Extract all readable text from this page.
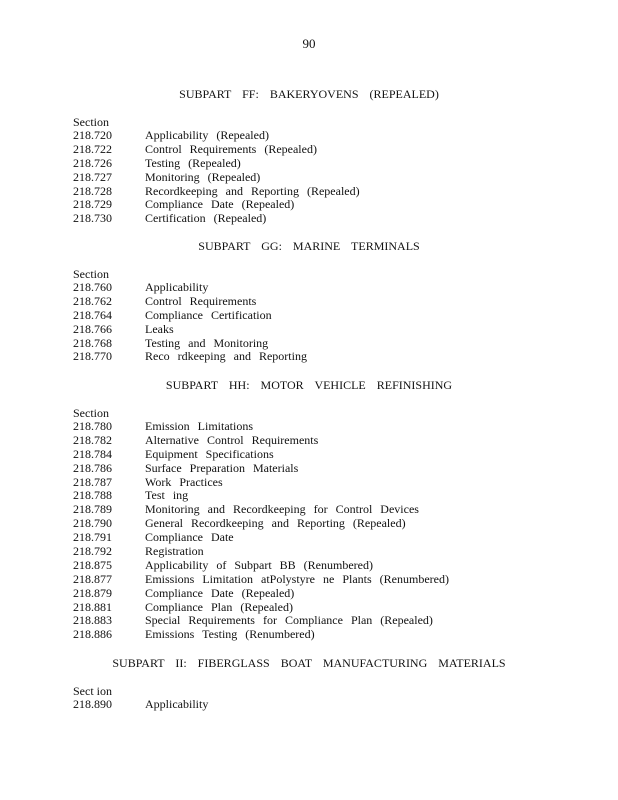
90
SUBPART FF: BAKERYOVENS (REPEALED)
Section
218.720	Applicability (Repealed)
218.722	Control Requirements (Repealed)
218.726	Testing (Repealed)
218.727	Monitoring (Repealed)
218.728	Recordkeeping and Reporting (Repealed)
218.729	Compliance Date (Repealed)
218.730	Certification (Repealed)
SUBPART GG: MARINE TERMINALS
Section
218.760	Applicability
218.762	Control Requirements
218.764	Compliance Certification
218.766	Leaks
218.768	Testing and Monitoring
218.770	Reco rdkeeping and Reporting
SUBPART HH: MOTOR VEHICLE REFINISHING
Section
218.780	Emission Limitations
218.782	Alternative Control Requirements
218.784	Equipment Specifications
218.786	Surface Preparation Materials
218.787	Work Practices
218.788	Test ing
218.789	Monitoring and Recordkeeping for Control Devices
218.790	General Recordkeeping and Reporting (Repealed)
218.791	Compliance Date
218.792	Registration
218.875	Applicability of Subpart BB (Renumbered)
218.877	Emissions Limitation atPolystyre ne Plants (Renumbered)
218.879	Compliance Date (Repealed)
218.881	Compliance Plan (Repealed)
218.883	Special Requirements for Compliance Plan (Repealed)
218.886	Emissions Testing (Renumbered)
SUBPART II: FIBERGLASS BOAT MANUFACTURING MATERIALS
Sect ion
218.890	Applicability
